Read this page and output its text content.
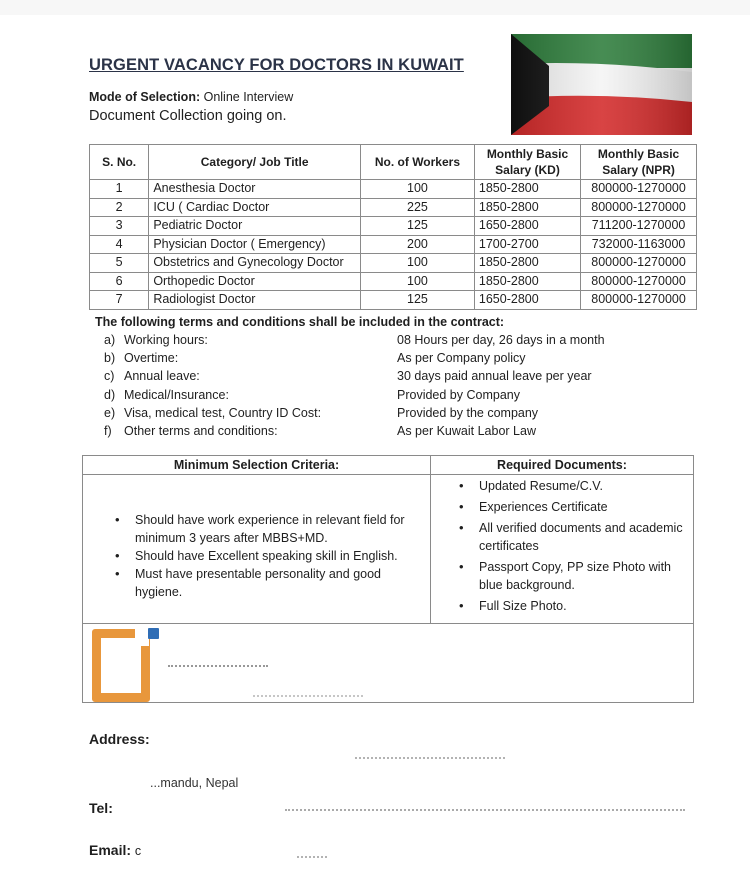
URGENT VACANCY FOR DOCTORS IN KUWAIT
Mode of Selection: Online Interview
Document Collection going on.
S. No.	Category/ Job Title	No. of Workers	Monthly Basic Salary (KD)	Monthly Basic Salary (NPR)
1	Anesthesia Doctor	100	1850-2800	800000-1270000
2	ICU ( Cardiac Doctor	225	1850-2800	800000-1270000
3	Pediatric Doctor	125	1650-2800	711200-1270000
4	Physician Doctor ( Emergency)	200	1700-2700	732000-1163000
5	Obstetrics and Gynecology Doctor	100	1850-2800	800000-1270000
6	Orthopedic Doctor	100	1850-2800	800000-1270000
7	Radiologist Doctor	125	1650-2800	800000-1270000
The following terms and conditions shall be included in the contract:
a) Working hours:	08 Hours per day, 26 days in a month
b) Overtime:	As per Company policy
c) Annual leave:	30 days paid annual leave per year
d) Medical/Insurance:	Provided by Company
e) Visa, medical test, Country ID Cost:	Provided by the company
f) Other terms and conditions:	As per Kuwait Labor Law
Minimum Selection Criteria:	Required Documents:
• Should have work experience in relevant field for minimum 3 years after MBBS+MD.
• Should have Excellent speaking skill in English.
• Must have presentable personality and good hygiene.
• Updated Resume/C.V.
• Experiences Certificate
• All verified documents and academic certificates
• Passport Copy, PP size Photo with blue background.
• Full Size Photo.
Address:
...mandu, Nepal
Tel:
Email: c
